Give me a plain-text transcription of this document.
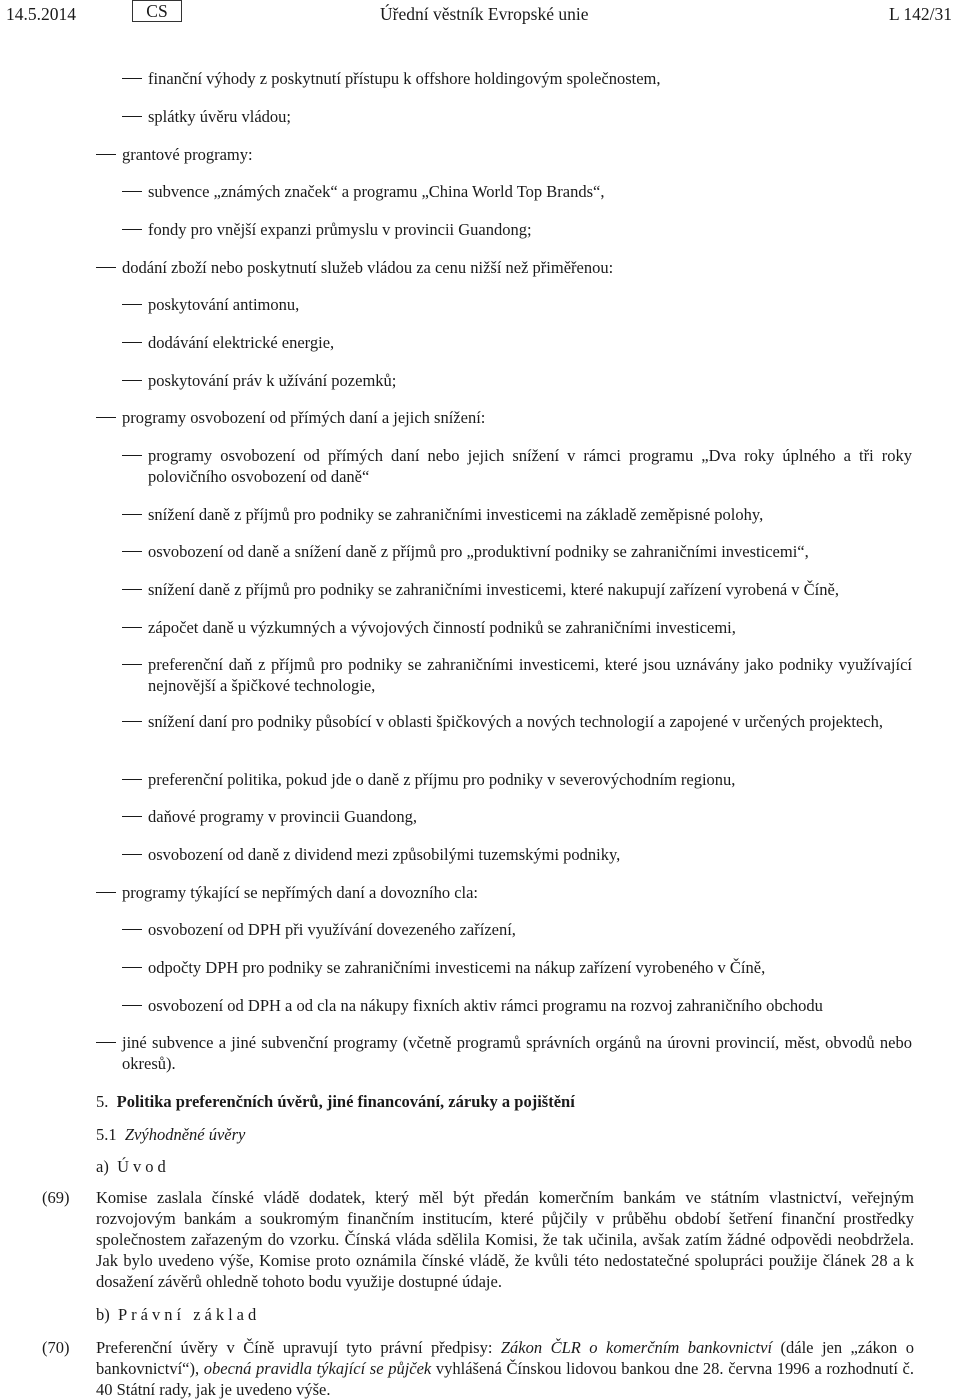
14.5.2014	CS	Úřední věstník Evropské unie	L 142/31
finanční výhody z poskytnutí přístupu k offshore holdingovým společnostem,
splátky úvěru vládou;
grantové programy:
subvence „známých značek“ a programu „China World Top Brands“,
fondy pro vnější expanzi průmyslu v provincii Guandong;
dodání zboží nebo poskytnutí služeb vládou za cenu nižší než přiměřenou:
poskytování antimonu,
dodávání elektrické energie,
poskytování práv k užívání pozemků;
programy osvobození od přímých daní a jejich snížení:
programy osvobození od přímých daní nebo jejich snížení v rámci programu „Dva roky úplného a tři roky polovičního osvobození od daně“
snížení daně z příjmů pro podniky se zahraničními investicemi na základě zeměpisné polohy,
osvobození od daně a snížení daně z příjmů pro „produktivní podniky se zahraničními investicemi“,
snížení daně z příjmů pro podniky se zahraničními investicemi, které nakupují zařízení vyrobená v Číně,
zápočet daně u výzkumných a vývojových činností podniků se zahraničními investicemi,
preferenční daň z příjmů pro podniky se zahraničními investicemi, které jsou uznávány jako podniky využívající nejnovější a špičkové technologie,
snížení daní pro podniky působící v oblasti špičkových a nových technologií a zapojené v určených projektech,
preferenční politika, pokud jde o daně z příjmu pro podniky v severovýchodním regionu,
daňové programy v provincii Guandong,
osvobození od daně z dividend mezi způsobilými tuzemskými podniky,
programy týkající se nepřímých daní a dovozního cla:
osvobození od DPH při využívání dovezeného zařízení,
odpočty DPH pro podniky se zahraničními investicemi na nákup zařízení vyrobeného v Číně,
osvobození od DPH a od cla na nákupy fixních aktiv rámci programu na rozvoj zahraničního obchodu
jiné subvence a jiné subvenční programy (včetně programů správních orgánů na úrovni provincií, měst, obvodů nebo okresů).
5. Politika preferenčních úvěrů, jiné financování, záruky a pojištění
5.1 Zvýhodněné úvěry
a) Úvod
(69) Komise zaslala čínské vládě dodatek, který měl být předán komerčním bankám ve státním vlastnictví, veřejným rozvojovým bankám a soukromým finančním institucím, které půjčily v průběhu období šetření finanční prostředky společnostem zařazeným do vzorku. Čínská vláda sdělila Komisi, že tak učinila, avšak zatím žádné odpovědi neobdržela. Jak bylo uvedeno výše, Komise proto oznámila čínské vládě, že kvůli této nedostatečné spolupráci použije článek 28 a k dosažení závěrů ohledně tohoto bodu využije dostupné údaje.
b) Právní základ
(70) Preferenční úvěry v Číně upravují tyto právní předpisy: Zákon ČLR o komerčním bankovnictví (dále jen „zákon o bankovnictví“), obecná pravidla týkající se půjček vyhlášená Čínskou lidovou bankou dne 28. června 1996 a rozhodnutí č. 40 Státní rady, jak je uvedeno výše.
